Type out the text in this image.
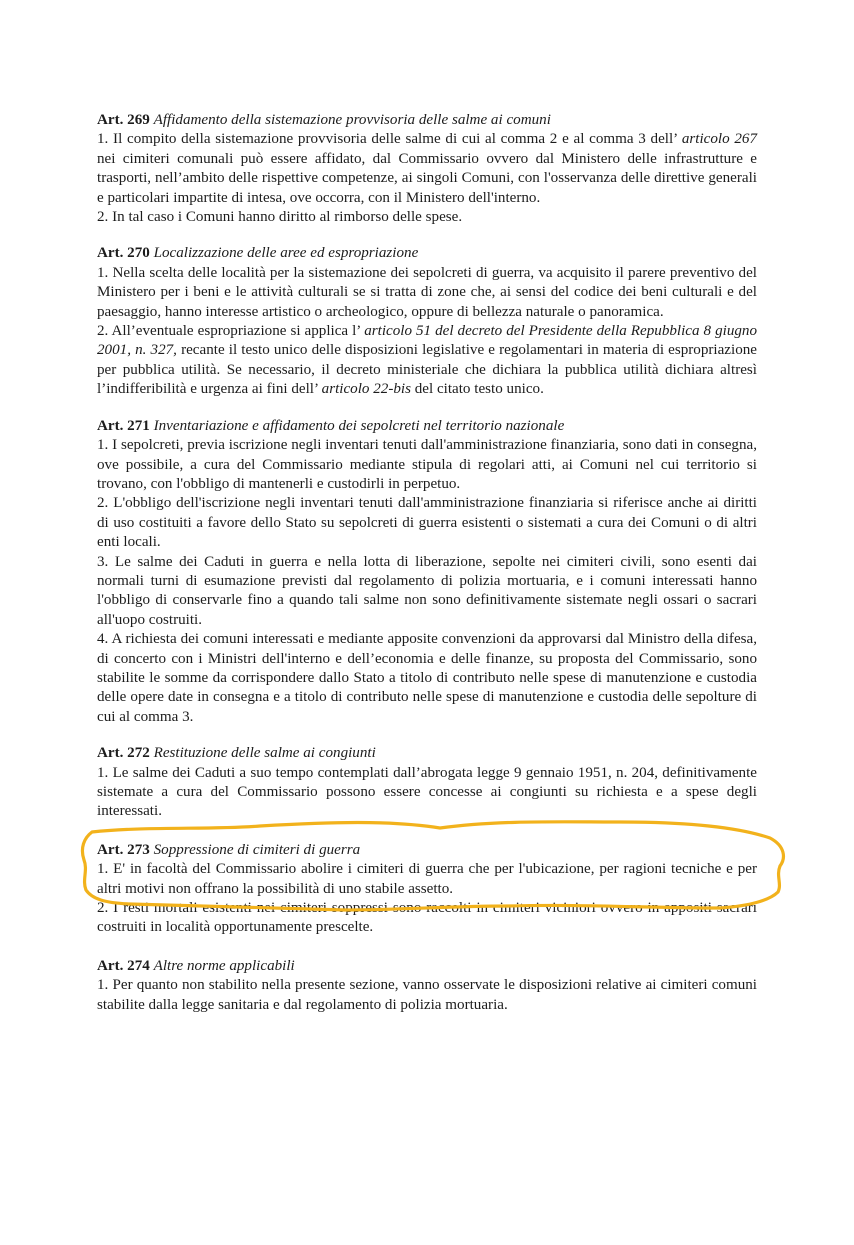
Art. 269 Affidamento della sistemazione provvisoria delle salme ai comuni

1. Il compito della sistemazione provvisoria delle salme di cui al comma 2 e al comma 3 dell’ articolo 267 nei cimiteri comunali può essere affidato, dal Commissario ovvero dal Ministero delle infrastrutture e trasporti, nell’ambito delle rispettive competenze, ai singoli Comuni, con l'osservanza delle direttive generali e particolari impartite di intesa, ove occorra, con il Ministero dell'interno.

2. In tal caso i Comuni hanno diritto al rimborso delle spese.

Art. 270 Localizzazione delle aree ed espropriazione

1. Nella scelta delle località per la sistemazione dei sepolcreti di guerra, va acquisito il parere preventivo del Ministero per i beni e le attività culturali se si tratta di zone che, ai sensi del codice dei beni culturali e del paesaggio, hanno interesse artistico o archeologico, oppure di bellezza naturale o panoramica.

2. All’eventuale espropriazione si applica l’ articolo 51 del decreto del Presidente della Repubblica 8 giugno 2001, n. 327, recante il testo unico delle disposizioni legislative e regolamentari in materia di espropriazione per pubblica utilità. Se necessario, il decreto ministeriale che dichiara la pubblica utilità dichiara altresì l’indifferibilità e urgenza ai fini dell’ articolo 22-bis del citato testo unico.

Art. 271 Inventariazione e affidamento dei sepolcreti nel territorio nazionale

1. I sepolcreti, previa iscrizione negli inventari tenuti dall'amministrazione finanziaria, sono dati in consegna, ove possibile, a cura del Commissario mediante stipula di regolari atti, ai Comuni nel cui territorio si trovano, con l'obbligo di mantenerli e custodirli in perpetuo.

2. L'obbligo dell'iscrizione negli inventari tenuti dall'amministrazione finanziaria si riferisce anche ai diritti di uso costituiti a favore dello Stato su sepolcreti di guerra esistenti o sistemati a cura dei Comuni o di altri enti locali.

3. Le salme dei Caduti in guerra e nella lotta di liberazione, sepolte nei cimiteri civili, sono esenti dai normali turni di esumazione previsti dal regolamento di polizia mortuaria, e i comuni interessati hanno l'obbligo di conservarle fino a quando tali salme non sono definitivamente sistemate negli ossari o sacrari all'uopo costruiti.

4. A richiesta dei comuni interessati e mediante apposite convenzioni da approvarsi dal Ministro della difesa, di concerto con i Ministri dell'interno e dell’economia e delle finanze, su proposta del Commissario, sono stabilite le somme da corrispondere dallo Stato a titolo di contributo nelle spese di manutenzione e custodia delle opere date in consegna e a titolo di contributo nelle spese di manutenzione e custodia delle sepolture di cui al comma 3.

Art. 272 Restituzione delle salme ai congiunti

1. Le salme dei Caduti a suo tempo contemplati dall’abrogata legge 9 gennaio 1951, n. 204, definitivamente sistemate a cura del Commissario possono essere concesse ai congiunti su richiesta e a spese degli interessati.

Art. 273 Soppressione di cimiteri di guerra

1. E' in facoltà del Commissario abolire i cimiteri di guerra che per l'ubicazione, per ragioni tecniche e per altri motivi non offrano la possibilità di uno stabile assetto.

2. I resti mortali esistenti nei cimiteri soppressi sono raccolti in cimiteri viciniori ovvero in appositi sacrari costruiti in località opportunamente prescelte.

Art. 274 Altre norme applicabili

1. Per quanto non stabilito nella presente sezione, vanno osservate le disposizioni relative ai cimiteri comuni stabilite dalla legge sanitaria e dal regolamento di polizia mortuaria.
